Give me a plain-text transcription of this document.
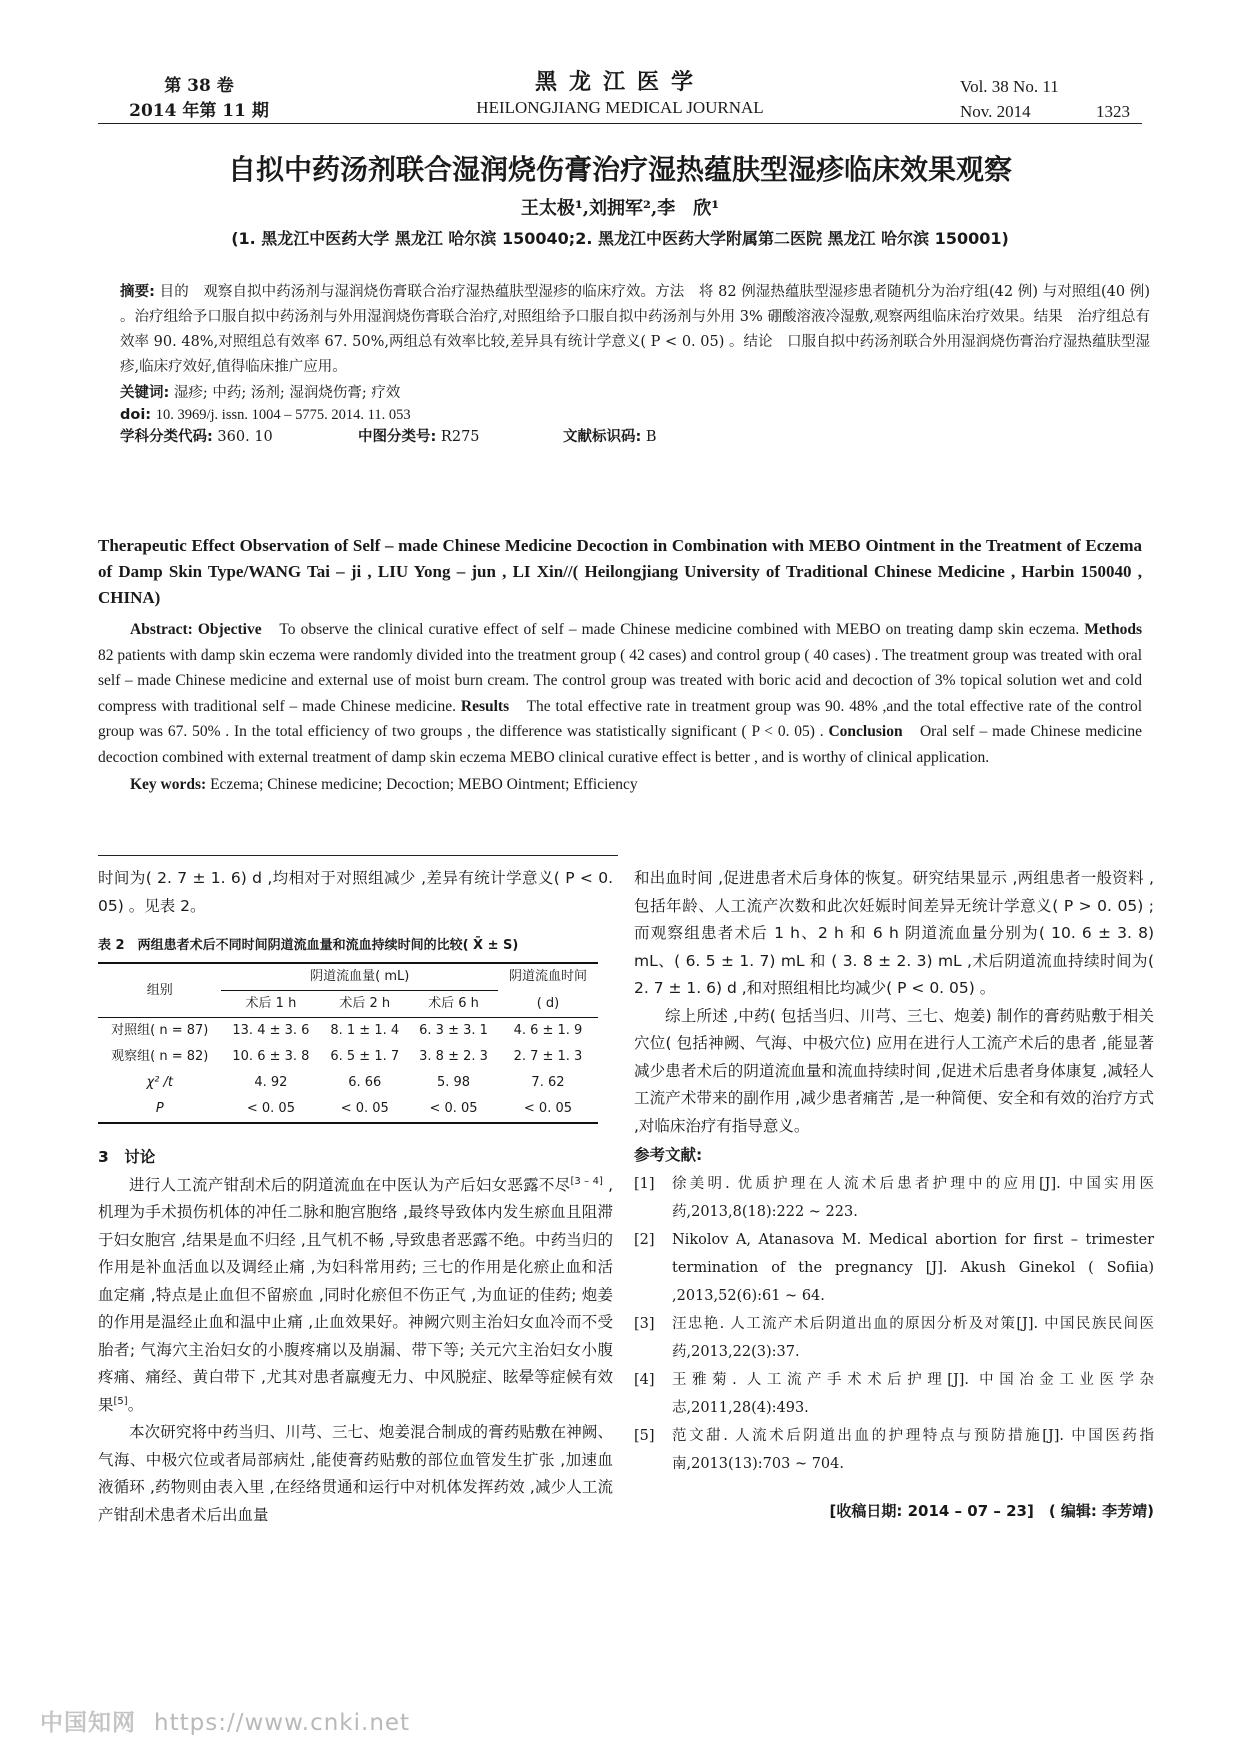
第 38 卷
2014 年第 11 期
黑龙江医学
HEILONGJIANG MEDICAL JOURNAL
Vol. 38 No. 11
Nov. 2014	1323
自拟中药汤剂联合湿润烧伤膏治疗湿热蕴肤型湿疹临床效果观察
王太极¹,刘拥军²,李　欣¹
(1. 黑龙江中医药大学 黑龙江 哈尔滨 150040;2. 黑龙江中医药大学附属第二医院 黑龙江 哈尔滨 150001)

摘要: 目的　观察自拟中药汤剂与湿润烧伤膏联合治疗湿热蕴肤型湿疹的临床疗效。方法　将 82 例湿热蕴肤型湿疹患者随机分为治疗组(42 例) 与对照组(40 例) 。治疗组给予口服自拟中药汤剂与外用湿润烧伤膏联合治疗,对照组给予口服自拟中药汤剂与外用 3% 硼酸溶液冷湿敷,观察两组临床治疗效果。结果　治疗组总有效率 90. 48%,对照组总有效率 67. 50%,两组总有效率比较,差异具有统计学意义( P < 0. 05) 。结论　口服自拟中药汤剂联合外用湿润烧伤膏治疗湿热蕴肤型湿疹,临床疗效好,值得临床推广应用。

关键词: 湿疹; 中药; 汤剂; 湿润烧伤膏; 疗效
doi: 10. 3969/j. issn. 1004 – 5775. 2014. 11. 053
学科分类代码: 360. 10	中图分类号: R275	文献标识码: B
Therapeutic Effect Observation of Self – made Chinese Medicine Decoction in Combination with MEBO Ointment in the Treatment of Eczema of Damp Skin Type/WANG Tai – ji , LIU Yong – jun , LI Xin//( Heilongjiang University of Traditional Chinese Medicine , Harbin 150040 , CHINA)
Abstract: Objective　 To observe the clinical curative effect of self – made Chinese medicine combined with MEBO on treating damp skin eczema. Methods　82 patients with damp skin eczema were randomly divided into the treatment group ( 42 cases) and control group ( 40 cases) . The treatment group was treated with oral self – made Chinese medicine and external use of moist burn cream. The control group was treated with boric acid and decoction of 3% topical solution wet and cold compress with traditional self – made Chinese medicine. Results　 The total effective rate in treatment group was 90. 48% ,and the total effective rate of the control group was 67. 50% . In the total efficiency of two groups , the difference was statistically significant ( P < 0. 05) . Conclusion　 Oral self – made Chinese medicine decoction combined with external treatment of damp skin eczema MEBO clinical curative effect is better , and is worthy of clinical application.
Key words: Eczema; Chinese medicine; Decoction; MEBO Ointment; Efficiency

时间为( 2. 7 ± 1. 6) d ,均相对于对照组减少 ,差异有统计学意义( P < 0. 05) 。见表 2。

表 2　两组患者术后不同时间阴道流血量和流血持续时间的比较( X̄ ± S)
组别	阴道流血量( mL)			阴道流血时间
	术后 1 h	术后 2 h	术后 6 h	( d)
对照组( n = 87)	13. 4 ± 3. 6	8. 1 ± 1. 4	6. 3 ± 3. 1	4. 6 ± 1. 9
观察组( n = 82)	10. 6 ± 3. 8	6. 5 ± 1. 7	3. 8 ± 2. 3	2. 7 ± 1. 3
χ² /t	4. 92	6. 66	5. 98	7. 62
P	< 0. 05	< 0. 05	< 0. 05	< 0. 05
3　讨论

进行人工流产钳刮术后的阴道流血在中医认为产后妇女恶露不尽[3 – 4] ,机理为手术损伤机体的冲任二脉和胞宫胞络 ,最终导致体内发生瘀血且阻滞于妇女胞宫 ,结果是血不归经 ,且气机不畅 ,导致患者恶露不绝。中药当归的作用是补血活血以及调经止痛 ,为妇科常用药; 三七的作用是化瘀止血和活血定痛 ,特点是止血但不留瘀血 ,同时化瘀但不伤正气 ,为血证的佳药; 炮姜的作用是温经止血和温中止痛 ,止血效果好。神阙穴则主治妇女血冷而不受胎者; 气海穴主治妇女的小腹疼痛以及崩漏、带下等; 关元穴主治妇女小腹疼痛、痛经、黄白带下 ,尤其对患者羸瘦无力、中风脱症、眩晕等症候有效果[5]。

本次研究将中药当归、川芎、三七、炮姜混合制成的膏药贴敷在神阙、气海、中极穴位或者局部病灶 ,能使膏药贴敷的部位血管发生扩张 ,加速血液循环 ,药物则由表入里 ,在经络贯通和运行中对机体发挥药效 ,减少人工流产钳刮术患者术后出血量

和出血时间 ,促进患者术后身体的恢复。研究结果显示 ,两组患者一般资料 ,包括年龄、人工流产次数和此次妊娠时间差异无统计学意义( P > 0. 05) ; 而观察组患者术后 1 h、2 h 和 6 h 阴道流血量分别为( 10. 6 ± 3. 8) mL、( 6. 5 ± 1. 7) mL 和 ( 3. 8 ± 2. 3) mL ,术后阴道流血持续时间为( 2. 7 ± 1. 6) d ,和对照组相比均减少( P < 0. 05) 。

综上所述 ,中药( 包括当归、川芎、三七、炮姜) 制作的膏药贴敷于相关穴位( 包括神阙、气海、中极穴位) 应用在进行人工流产术后的患者 ,能显著减少患者术后的阴道流血量和流血持续时间 ,促进术后患者身体康复 ,减轻人工流产术带来的副作用 ,减少患者痛苦 ,是一种简便、安全和有效的治疗方式 ,对临床治疗有指导意义。

参考文献:
[1]	徐美明. 优质护理在人流术后患者护理中的应用[J]. 中国实用医药,2013,8(18):222 ~ 223.
[2]	Nikolov A, Atanasova M. Medical abortion for first – trimester termination of the pregnancy [J]. Akush Ginekol ( Sofiia) ,2013,52(6):61 ~ 64.
[3]	汪忠艳. 人工流产术后阴道出血的原因分析及对策[J]. 中国民族民间医药,2013,22(3):37.
[4]	王雅菊. 人工流产手术术后护理[J]. 中国冶金工业医学杂志,2011,28(4):493.
[5]	范文甜. 人流术后阴道出血的护理特点与预防措施[J]. 中国医药指南,2013(13):703 ~ 704.
[收稿日期: 2014 – 07 – 23]　( 编辑: 李芳靖)
中国知网 https://www.cnki.net
